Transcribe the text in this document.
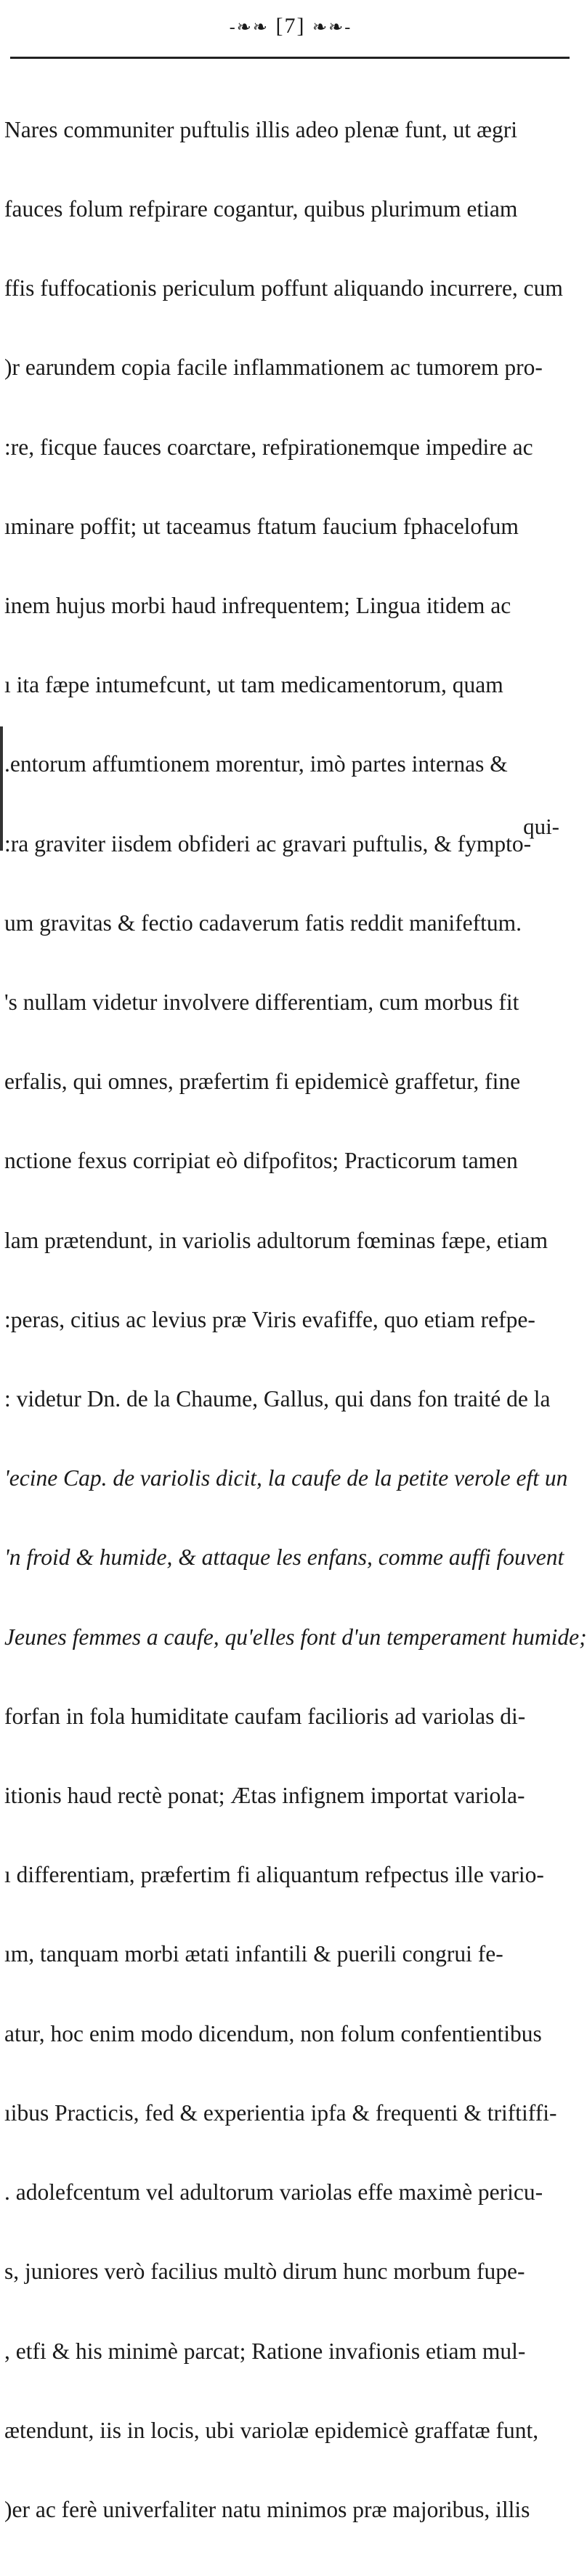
-❧❧ [7] ❧❧-

Nares communiter puftulis illis adeo plenæ funt, ut ægri

fauces folum refpirare cogantur, quibus plurimum etiam

ffis fuffocationis periculum poffunt aliquando incurrere, cum

)r earundem copia facile inflammationem ac tumorem pro-

:re, ficque fauces coarctare, refpirationemque impedire ac

ıminare poffit; ut taceamus ftatum faucium fphacelofum

inem hujus morbi haud infrequentem; Lingua itidem ac

ı ita fæpe intumefcunt, ut tam medicamentorum, quam

.entorum affumtionem morentur, imò partes internas &

:ra graviter iisdem obfideri ac gravari puftulis, & fympto-

um gravitas & fectio cadaverum fatis reddit manifeftum.

's nullam videtur involvere differentiam, cum morbus fit

erfalis, qui omnes, præfertim fi epidemicè graffetur, fine

nctione fexus corripiat eò difpofitos; Practicorum tamen

lam prætendunt, in variolis adultorum fœminas fæpe, etiam

:peras, citius ac levius præ Viris evafiffe, quo etiam refpe-

: videtur Dn. de la Chaume, Gallus, qui dans fon traité de la

'ecine Cap. de variolis dicit, la caufe de la petite verole eft un

'n froid & humide, & attaque les enfans, comme auffi fouvent

Jeunes femmes a caufe, qu'elles font d'un temperament humide;

forfan in fola humiditate caufam facilioris ad variolas di-

itionis haud rectè ponat; Ætas infignem importat variola-

ı differentiam, præfertim fi aliquantum refpectus ille vario-

ım, tanquam morbi ætati infantili & puerili congrui fe-

atur, hoc enim modo dicendum, non folum confentientibus

ıibus Practicis, fed & experientia ipfa & frequenti & triftiffi-

. adolefcentum vel adultorum variolas effe maximè pericu-

s, juniores verò facilius multò dirum hunc morbum fupe-

, etfi & his minimè parcat; Ratione invafionis etiam mul-

ætendunt, iis in locis, ubi variolæ epidemicè graffatæ funt,

)er ac ferè univerfaliter natu minimos præ majoribus, illis

qui-
